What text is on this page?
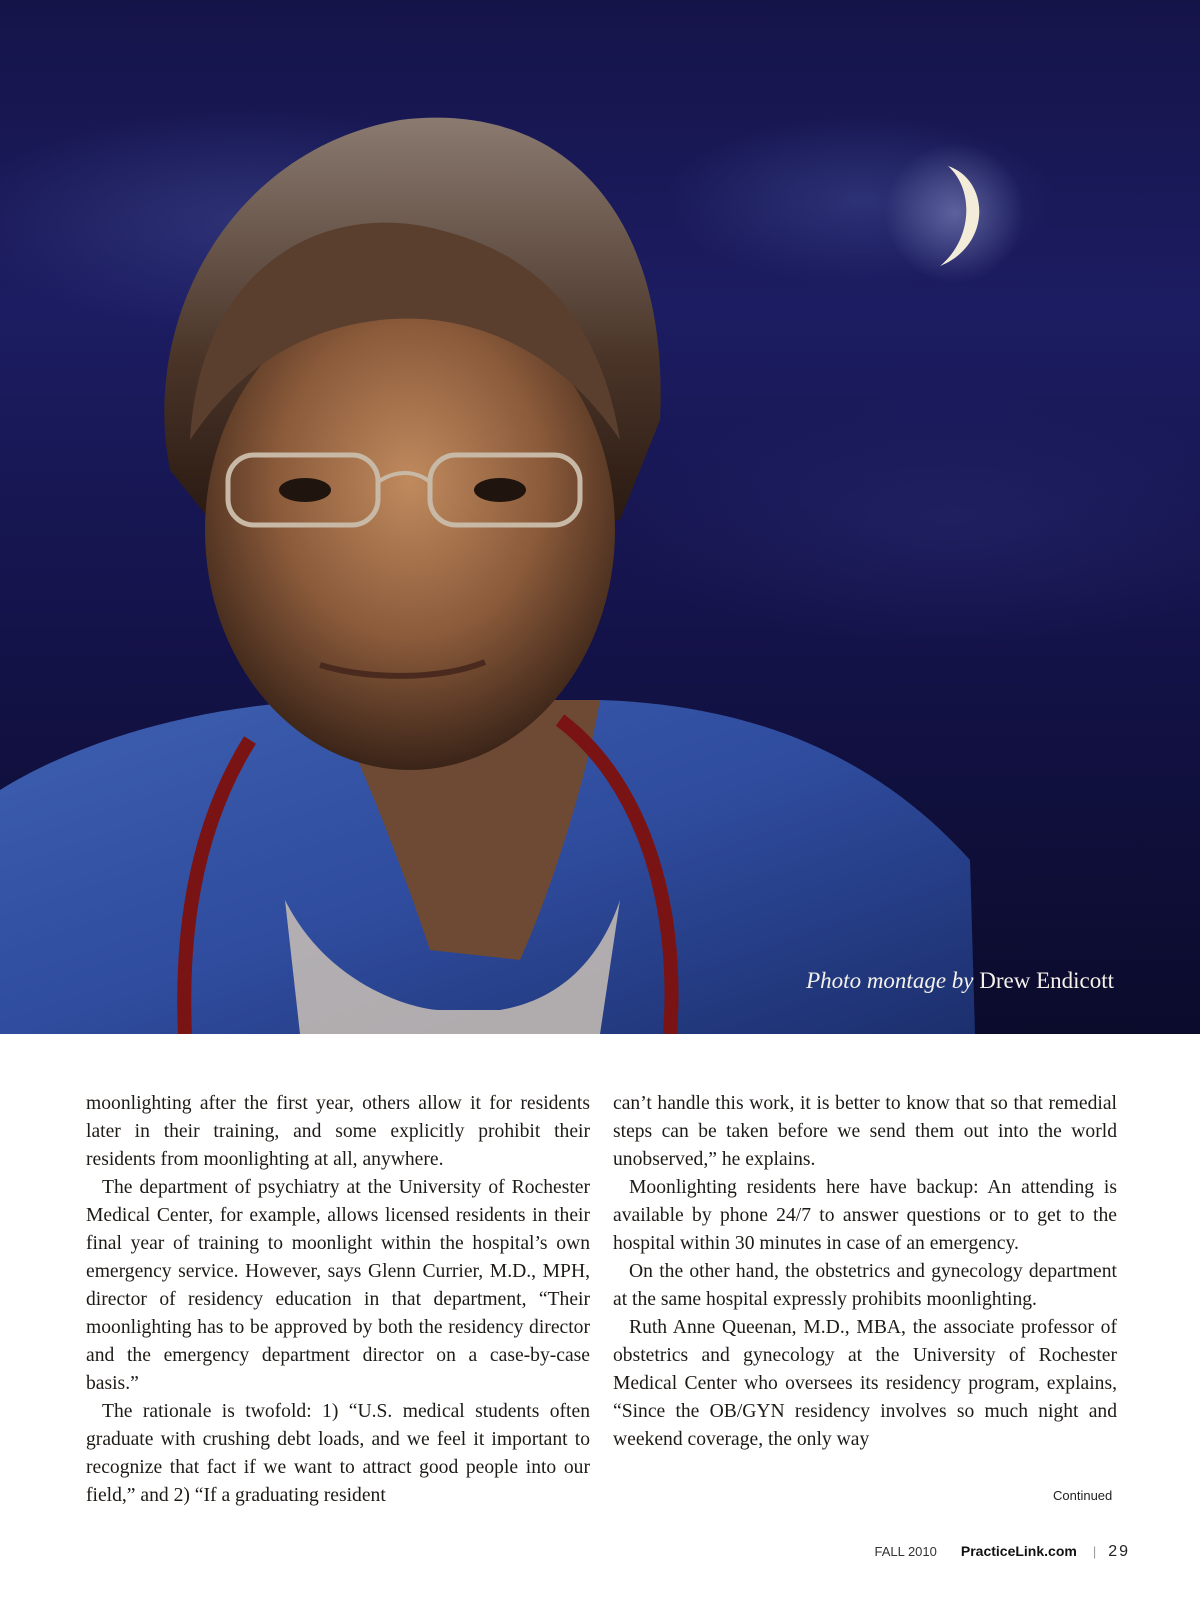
Photo montage by Drew Endicott

moonlighting after the first year, others allow it for residents later in their training, and some explicitly prohibit their residents from moonlighting at all, anywhere.

The department of psychiatry at the University of Rochester Medical Center, for example, allows licensed residents in their final year of training to moonlight within the hospital’s own emergency service. However, says Glenn Currier, M.D., MPH, director of residency education in that department, “Their moonlighting has to be approved by both the residency director and the emergency department director on a case-by-case basis.”

The rationale is twofold: 1) “U.S. medical students often graduate with crushing debt loads, and we feel it important to recognize that fact if we want to attract good people into our field,” and 2) “If a graduating resident

can’t handle this work, it is better to know that so that remedial steps can be taken before we send them out into the world unobserved,” he explains.

Moonlighting residents here have backup: An attending is available by phone 24/7 to answer questions or to get to the hospital within 30 minutes in case of an emergency.

On the other hand, the obstetrics and gynecology department at the same hospital expressly prohibits moonlighting.

Ruth Anne Queenan, M.D., MBA, the associate professor of obstetrics and gynecology at the University of Rochester Medical Center who oversees its residency program, explains, “Since the OB/GYN residency involves so much night and weekend coverage, the only way

Continued
FALL 2010 PracticeLink.com | 29
